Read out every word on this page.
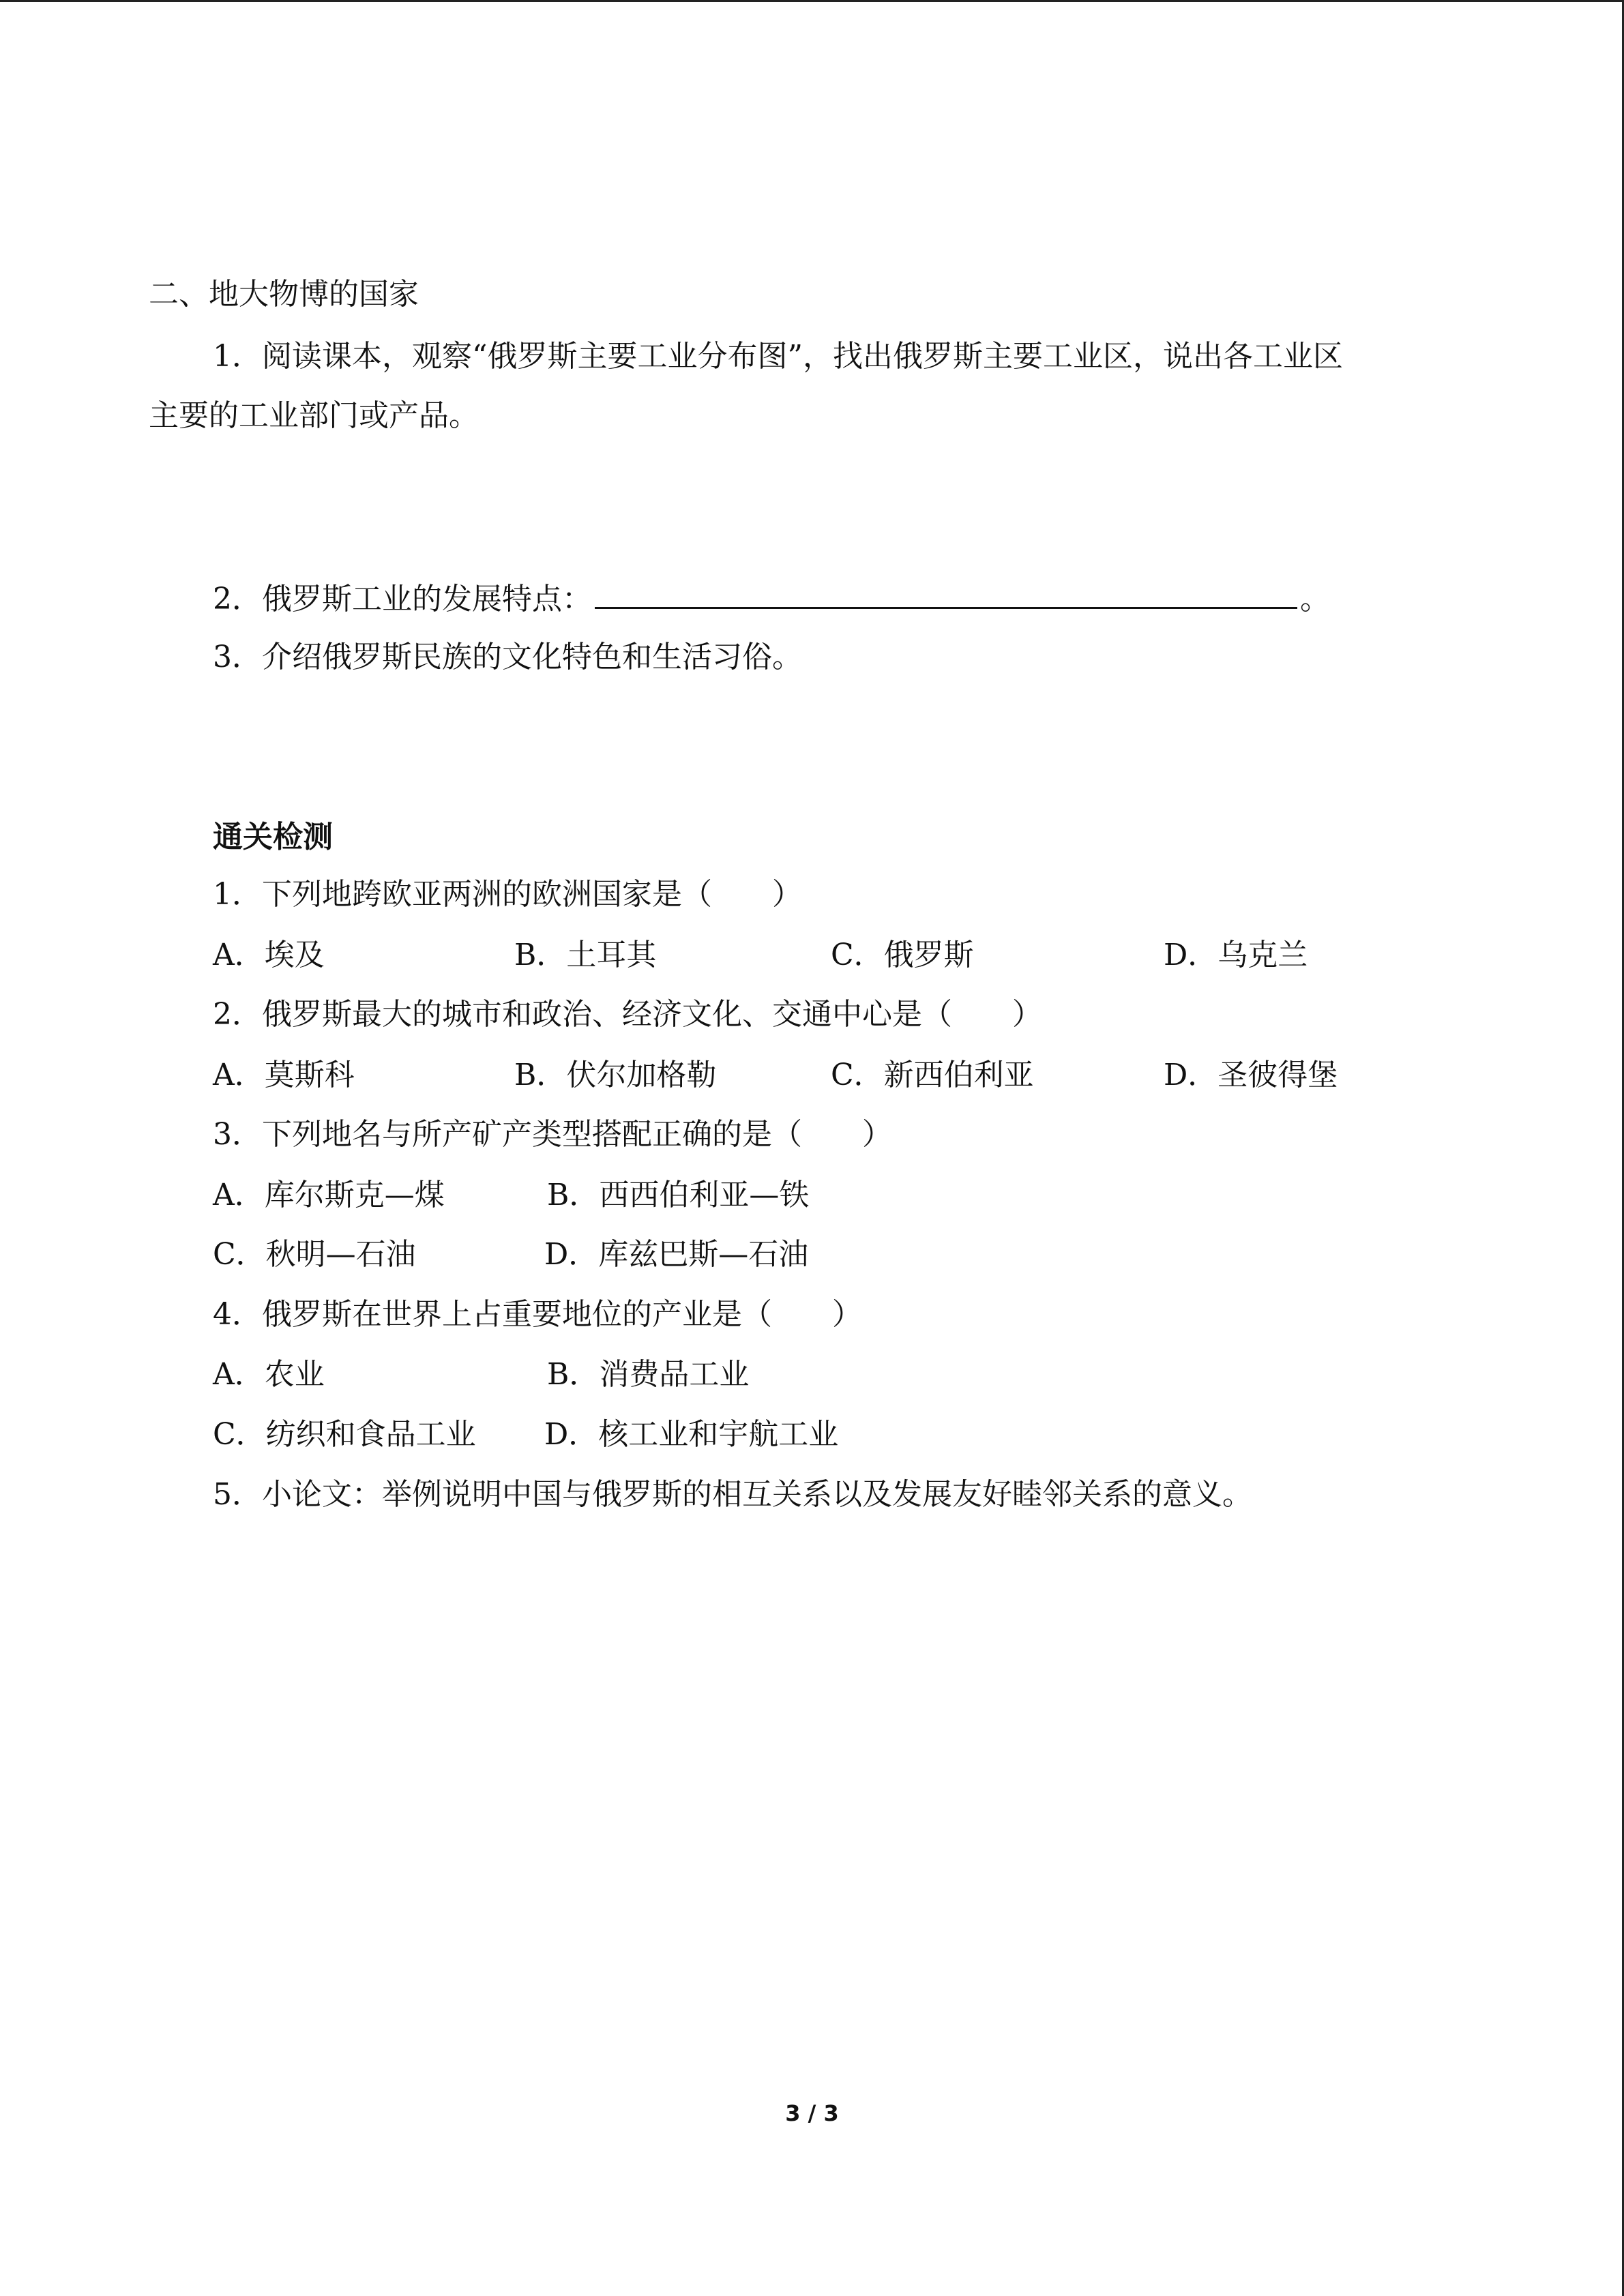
二、地大物博的国家
1．阅读课本，观察“俄罗斯主要工业分布图”，找出俄罗斯主要工业区，说出各工业区
主要的工业部门或产品。
2．俄罗斯工业的发展特点：	。
3．介绍俄罗斯民族的文化特色和生活习俗。
通关检测
1．下列地跨欧亚两洲的欧洲国家是（　　）
A．埃及	B．土耳其	C．俄罗斯	D．乌克兰
2．俄罗斯最大的城市和政治、经济文化、交通中心是（　　）
A．莫斯科	B．伏尔加格勒	C．新西伯利亚	D．圣彼得堡
3．下列地名与所产矿产类型搭配正确的是（　　）
A．库尔斯克—煤	B．西西伯利亚—铁
C．秋明—石油	D．库兹巴斯—石油
4．俄罗斯在世界上占重要地位的产业是（　　）
A．农业	B．消费品工业
C．纺织和食品工业 D．核工业和宇航工业
5．小论文：举例说明中国与俄罗斯的相互关系以及发展友好睦邻关系的意义。
3 / 3
